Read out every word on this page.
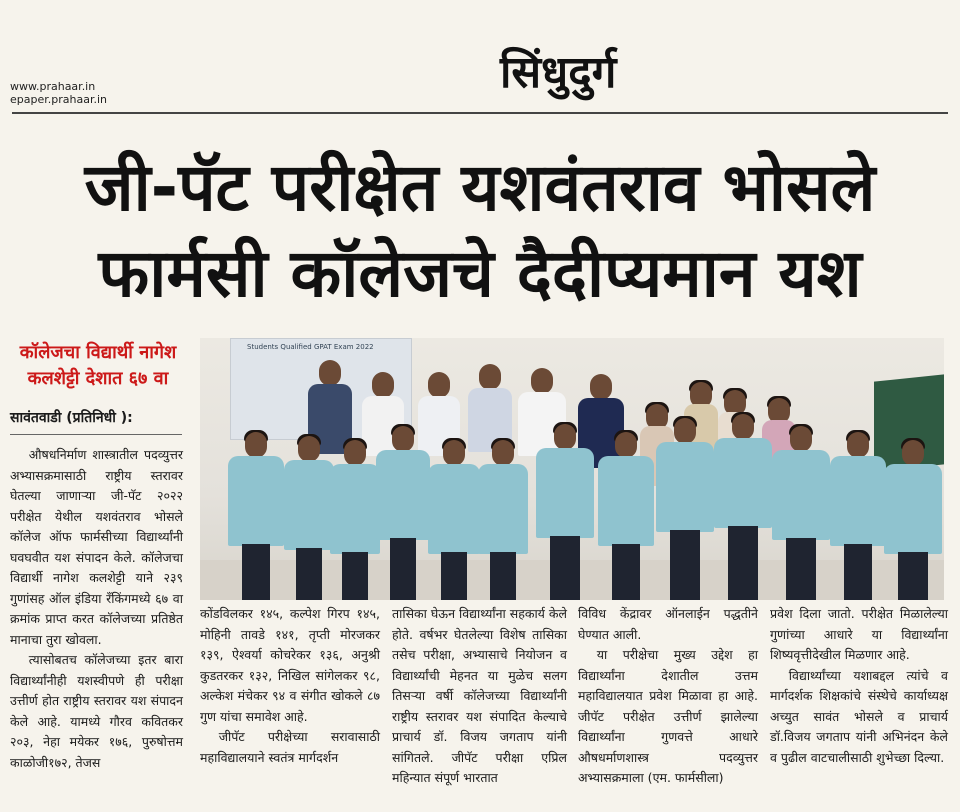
www.prahaar.in
epaper.prahaar.in
सिंधुदुर्ग
जी-पॅट परीक्षेत यशवंतराव भोसले
फार्मसी कॉलेजचे दैदीप्यमान यश
कॉलेजचा विद्यार्थी नागेश
कलशेट्टी देशात ६७ वा
सावंतवाडी (प्रतिनिधी ):

औषधनिर्माण शास्त्रातील पदव्युत्तर अभ्यासक्रमासाठी राष्ट्रीय स्तरावर घेतल्या जाणाऱ्या जी-पॅट २०२२ परीक्षेत येथील यशवंतराव भोसले कॉलेज ऑफ फार्मसीच्या विद्यार्थ्यांनी घवघवीत यश संपादन केले. कॉलेजचा विद्यार्थी नागेश कलशेट्टी याने २३९ गुणांसह ऑल इंडिया रँकिंगमध्ये ६७ वा क्रमांक प्राप्त करत कॉलेजच्या प्रतिष्ठेत मानाचा तुरा खोवला.

त्यासोबतच कॉलेजच्या इतर बारा विद्यार्थ्यांनीही यशस्वीपणे ही परीक्षा उत्तीर्ण होत राष्ट्रीय स्तरावर यश संपादन केले आहे. यामध्ये गौरव कवितकर २०३, नेहा मयेकर १७६, पुरुषोत्तम काळोजी१७२, तेजस

Students Qualified GPAT Exam 2022

कोंडविलकर १४५, कल्पेश गिरप १४५, मोहिनी तावडे १४१, तृप्ती मोरजकर १३९, ऐश्वर्या कोचरेकर १३६, अनुश्री कुडतरकर १३२, निखिल सांगेलकर ९८, अल्केश मंचेकर ९४ व संगीत खोकले ८७ गुण यांचा समावेश आहे.

जीपॅट परीक्षेच्या सरावासाठी महाविद्यालयाने स्वतंत्र मार्गदर्शन

तासिका घेऊन विद्यार्थ्यांना सहकार्य केले होते. वर्षभर घेतलेल्या विशेष तासिका तसेच परीक्षा, अभ्यासाचे नियोजन व विद्यार्थ्यांची मेहनत या मुळेच सलग तिसऱ्या वर्षी कॉलेजच्या विद्यार्थ्यांनी राष्ट्रीय स्तरावर यश संपादित केल्याचे प्राचार्य डॉ. विजय जगताप यांनी सांगितले. जीपॅट परीक्षा एप्रिल महिन्यात संपूर्ण भारतात

विविध केंद्रावर ऑनलाईन पद्धतीने घेण्यात आली.

या परीक्षेचा मुख्य उद्देश हा विद्यार्थ्यांना देशातील उत्तम महाविद्यालयात प्रवेश मिळावा हा आहे. जीपॅट परीक्षेत उत्तीर्ण झालेल्या विद्यार्थ्यांना गुणवत्ते आधारे औषधर्माणशास्त्र पदव्युत्तर अभ्यासक्रमाला (एम. फार्मसीला)

प्रवेश दिला जातो. परीक्षेत मिळालेल्या गुणांच्या आधारे या विद्यार्थ्यांना शिष्यवृत्तीदेखील मिळणार आहे.

विद्यार्थ्यांच्या यशाबद्दल त्यांचे व मार्गदर्शक शिक्षकांचे संस्थेचे कार्याध्यक्ष अच्युत सावंत भोसले व प्राचार्य डॉ.विजय जगताप यांनी अभिनंदन केले व पुढील वाटचालीसाठी शुभेच्छा दिल्या.
